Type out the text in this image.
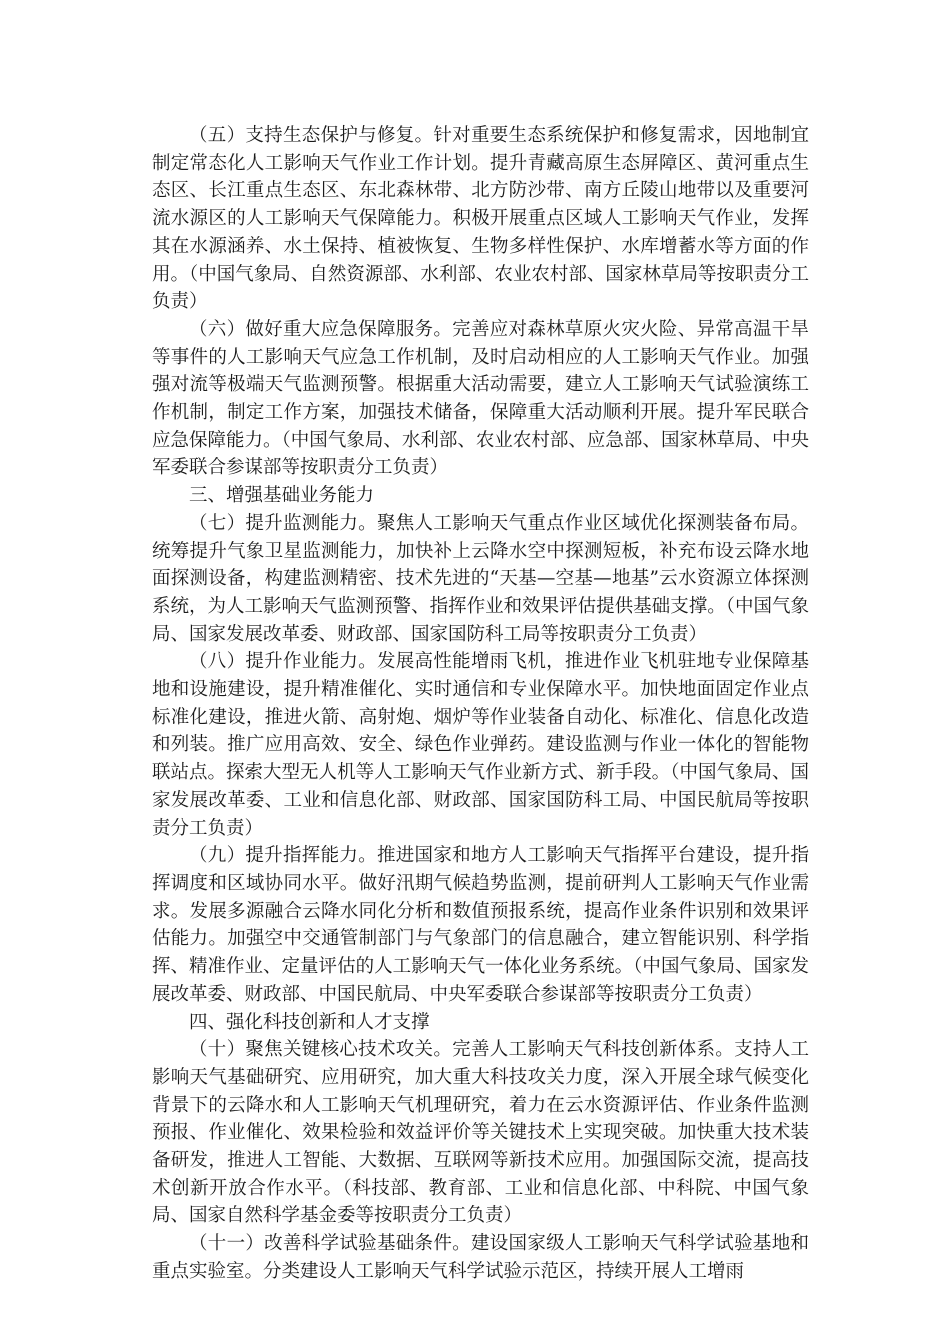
（五）支持生态保护与修复。针对重要生态系统保护和修复需求，因地制宜制定常态化人工影响天气作业工作计划。提升青藏高原生态屏障区、黄河重点生态区、长江重点生态区、东北森林带、北方防沙带、南方丘陵山地带以及重要河流水源区的人工影响天气保障能力。积极开展重点区域人工影响天气作业，发挥其在水源涵养、水土保持、植被恢复、生物多样性保护、水库增蓄水等方面的作用。（中国气象局、自然资源部、水利部、农业农村部、国家林草局等按职责分工负责）

（六）做好重大应急保障服务。完善应对森林草原火灾火险、异常高温干旱等事件的人工影响天气应急工作机制，及时启动相应的人工影响天气作业。加强强对流等极端天气监测预警。根据重大活动需要，建立人工影响天气试验演练工作机制，制定工作方案，加强技术储备，保障重大活动顺利开展。提升军民联合应急保障能力。（中国气象局、水利部、农业农村部、应急部、国家林草局、中央军委联合参谋部等按职责分工负责）

三、增强基础业务能力

（七）提升监测能力。聚焦人工影响天气重点作业区域优化探测装备布局。统筹提升气象卫星监测能力，加快补上云降水空中探测短板，补充布设云降水地面探测设备，构建监测精密、技术先进的“天基—空基—地基”云水资源立体探测系统，为人工影响天气监测预警、指挥作业和效果评估提供基础支撑。（中国气象局、国家发展改革委、财政部、国家国防科工局等按职责分工负责）

（八）提升作业能力。发展高性能增雨飞机，推进作业飞机驻地专业保障基地和设施建设，提升精准催化、实时通信和专业保障水平。加快地面固定作业点标准化建设，推进火箭、高射炮、烟炉等作业装备自动化、标准化、信息化改造和列装。推广应用高效、安全、绿色作业弹药。建设监测与作业一体化的智能物联站点。探索大型无人机等人工影响天气作业新方式、新手段。（中国气象局、国家发展改革委、工业和信息化部、财政部、国家国防科工局、中国民航局等按职责分工负责）

（九）提升指挥能力。推进国家和地方人工影响天气指挥平台建设，提升指挥调度和区域协同水平。做好汛期气候趋势监测，提前研判人工影响天气作业需求。发展多源融合云降水同化分析和数值预报系统，提高作业条件识别和效果评估能力。加强空中交通管制部门与气象部门的信息融合，建立智能识别、科学指挥、精准作业、定量评估的人工影响天气一体化业务系统。（中国气象局、国家发展改革委、财政部、中国民航局、中央军委联合参谋部等按职责分工负责）

四、强化科技创新和人才支撑

（十）聚焦关键核心技术攻关。完善人工影响天气科技创新体系。支持人工影响天气基础研究、应用研究，加大重大科技攻关力度，深入开展全球气候变化背景下的云降水和人工影响天气机理研究，着力在云水资源评估、作业条件监测预报、作业催化、效果检验和效益评价等关键技术上实现突破。加快重大技术装备研发，推进人工智能、大数据、互联网等新技术应用。加强国际交流，提高技术创新开放合作水平。（科技部、教育部、工业和信息化部、中科院、中国气象局、国家自然科学基金委等按职责分工负责）

（十一）改善科学试验基础条件。建设国家级人工影响天气科学试验基地和重点实验室。分类建设人工影响天气科学试验示范区，持续开展人工增雨
